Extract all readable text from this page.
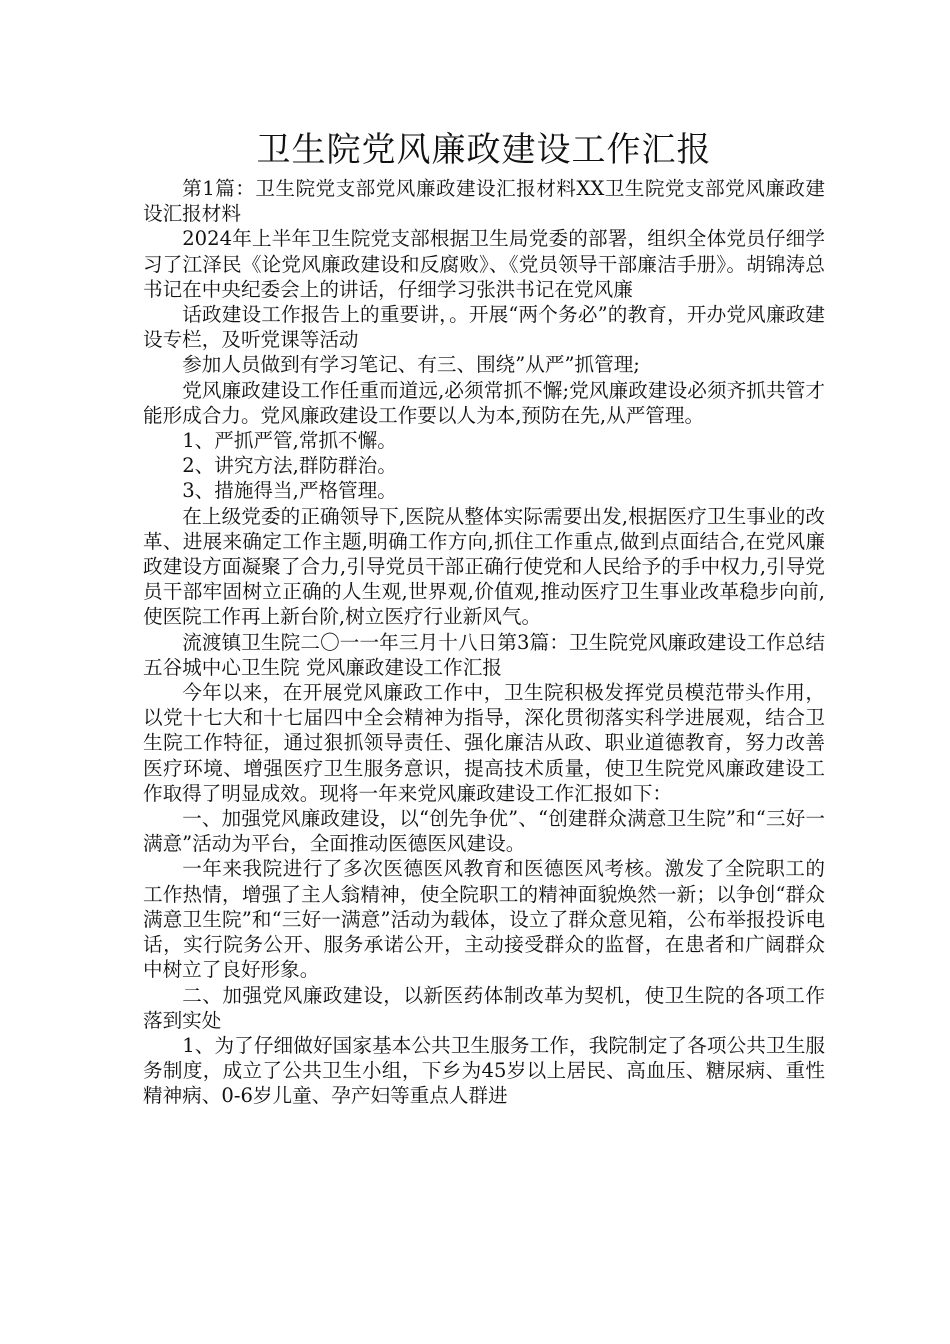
卫生院党风廉政建设工作汇报

第1篇：卫生院党支部党风廉政建设汇报材料XX卫生院党支部党风廉政建设汇报材料

2024年上半年卫生院党支部根据卫生局党委的部署，组织全体党员仔细学习了江泽民《论党风廉政建设和反腐败》、《党员领导干部廉洁手册》。胡锦涛总书记在中央纪委会上的讲话，仔细学习张洪书记在党风廉

话政建设工作报告上的重要讲，。开展“两个务必”的教育，开办党风廉政建设专栏，及听党课等活动

参加人员做到有学习笔记、有三、围绕”从严”抓管理;

党风廉政建设工作任重而道远,必须常抓不懈;党风廉政建设必须齐抓共管才能形成合力。党风廉政建设工作要以人为本,预防在先,从严管理。

1、严抓严管,常抓不懈。

2、讲究方法,群防群治。

3、措施得当,严格管理。

在上级党委的正确领导下,医院从整体实际需要出发,根据医疗卫生事业的改革、进展来确定工作主题,明确工作方向,抓住工作重点,做到点面结合,在党风廉政建设方面凝聚了合力,引导党员干部正确行使党和人民给予的手中权力,引导党员干部牢固树立正确的人生观,世界观,价值观,推动医疗卫生事业改革稳步向前,使医院工作再上新台阶,树立医疗行业新风气。

流渡镇卫生院二〇一一年三月十八日第3篇：卫生院党风廉政建设工作总结五谷城中心卫生院 党风廉政建设工作汇报

今年以来，在开展党风廉政工作中，卫生院积极发挥党员模范带头作用，以党十七大和十七届四中全会精神为指导，深化贯彻落实科学进展观，结合卫生院工作特征，通过狠抓领导责任、强化廉洁从政、职业道德教育，努力改善医疗环境、增强医疗卫生服务意识，提高技术质量，使卫生院党风廉政建设工作取得了明显成效。现将一年来党风廉政建设工作汇报如下：

一、加强党风廉政建设，以“创先争优”、“创建群众满意卫生院”和“三好一满意”活动为平台，全面推动医德医风建设。

一年来我院进行了多次医德医风教育和医德医风考核。激发了全院职工的工作热情，增强了主人翁精神，使全院职工的精神面貌焕然一新；以争创“群众满意卫生院”和“三好一满意”活动为载体，设立了群众意见箱，公布举报投诉电话，实行院务公开、服务承诺公开，主动接受群众的监督，在患者和广阔群众中树立了良好形象。

二、加强党风廉政建设，以新医药体制改革为契机，使卫生院的各项工作落到实处

1、为了仔细做好国家基本公共卫生服务工作，我院制定了各项公共卫生服务制度，成立了公共卫生小组，下乡为45岁以上居民、高血压、糖尿病、重性精神病、0-6岁儿童、孕产妇等重点人群进
